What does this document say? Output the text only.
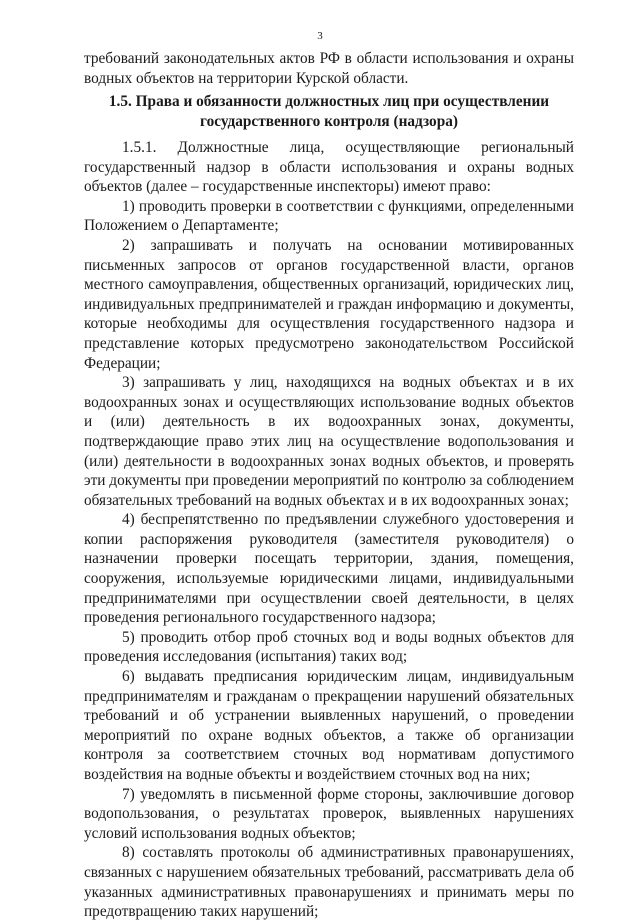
3
требований законодательных актов РФ в области использования и охраны водных объектов на территории Курской области.
1.5. Права и обязанности должностных лиц при осуществлении государственного контроля (надзора)

1.5.1. Должностные лица, осуществляющие региональный государственный надзор в области использования и охраны водных объектов (далее – государственные инспекторы) имеют право:

1) проводить проверки в соответствии с функциями, определенными Положением о Департаменте;

2) запрашивать и получать на основании мотивированных письменных запросов от органов государственной власти, органов местного самоуправления, общественных организаций, юридических лиц, индивидуальных предпринимателей и граждан информацию и документы, которые необходимы для осуществления государственного надзора и представление которых предусмотрено законодательством Российской Федерации;

3) запрашивать у лиц, находящихся на водных объектах и в их водоохранных зонах и осуществляющих использование водных объектов и (или) деятельность в их водоохранных зонах, документы, подтверждающие право этих лиц на осуществление водопользования и (или) деятельности в водоохранных зонах водных объектов, и проверять эти документы при проведении мероприятий по контролю за соблюдением обязательных требований на водных объектах и в их водоохранных зонах;

4) беспрепятственно по предъявлении служебного удостоверения и копии распоряжения руководителя (заместителя руководителя) о назначении проверки посещать территории, здания, помещения, сооружения, используемые юридическими лицами, индивидуальными предпринимателями при осуществлении своей деятельности, в целях проведения регионального государственного надзора;

5) проводить отбор проб сточных вод и воды водных объектов для проведения исследования (испытания) таких вод;

6) выдавать предписания юридическим лицам, индивидуальным предпринимателям и гражданам о прекращении нарушений обязательных требований и об устранении выявленных нарушений, о проведении мероприятий по охране водных объектов, а также об организации контроля за соответствием сточных вод нормативам допустимого воздействия на водные объекты и воздействием сточных вод на них;

7) уведомлять в письменной форме стороны, заключившие договор водопользования, о результатах проверок, выявленных нарушениях условий использования водных объектов;

8) составлять протоколы об административных правонарушениях, связанных с нарушением обязательных требований, рассматривать дела об указанных административных правонарушениях и принимать меры по предотвращению таких нарушений;
